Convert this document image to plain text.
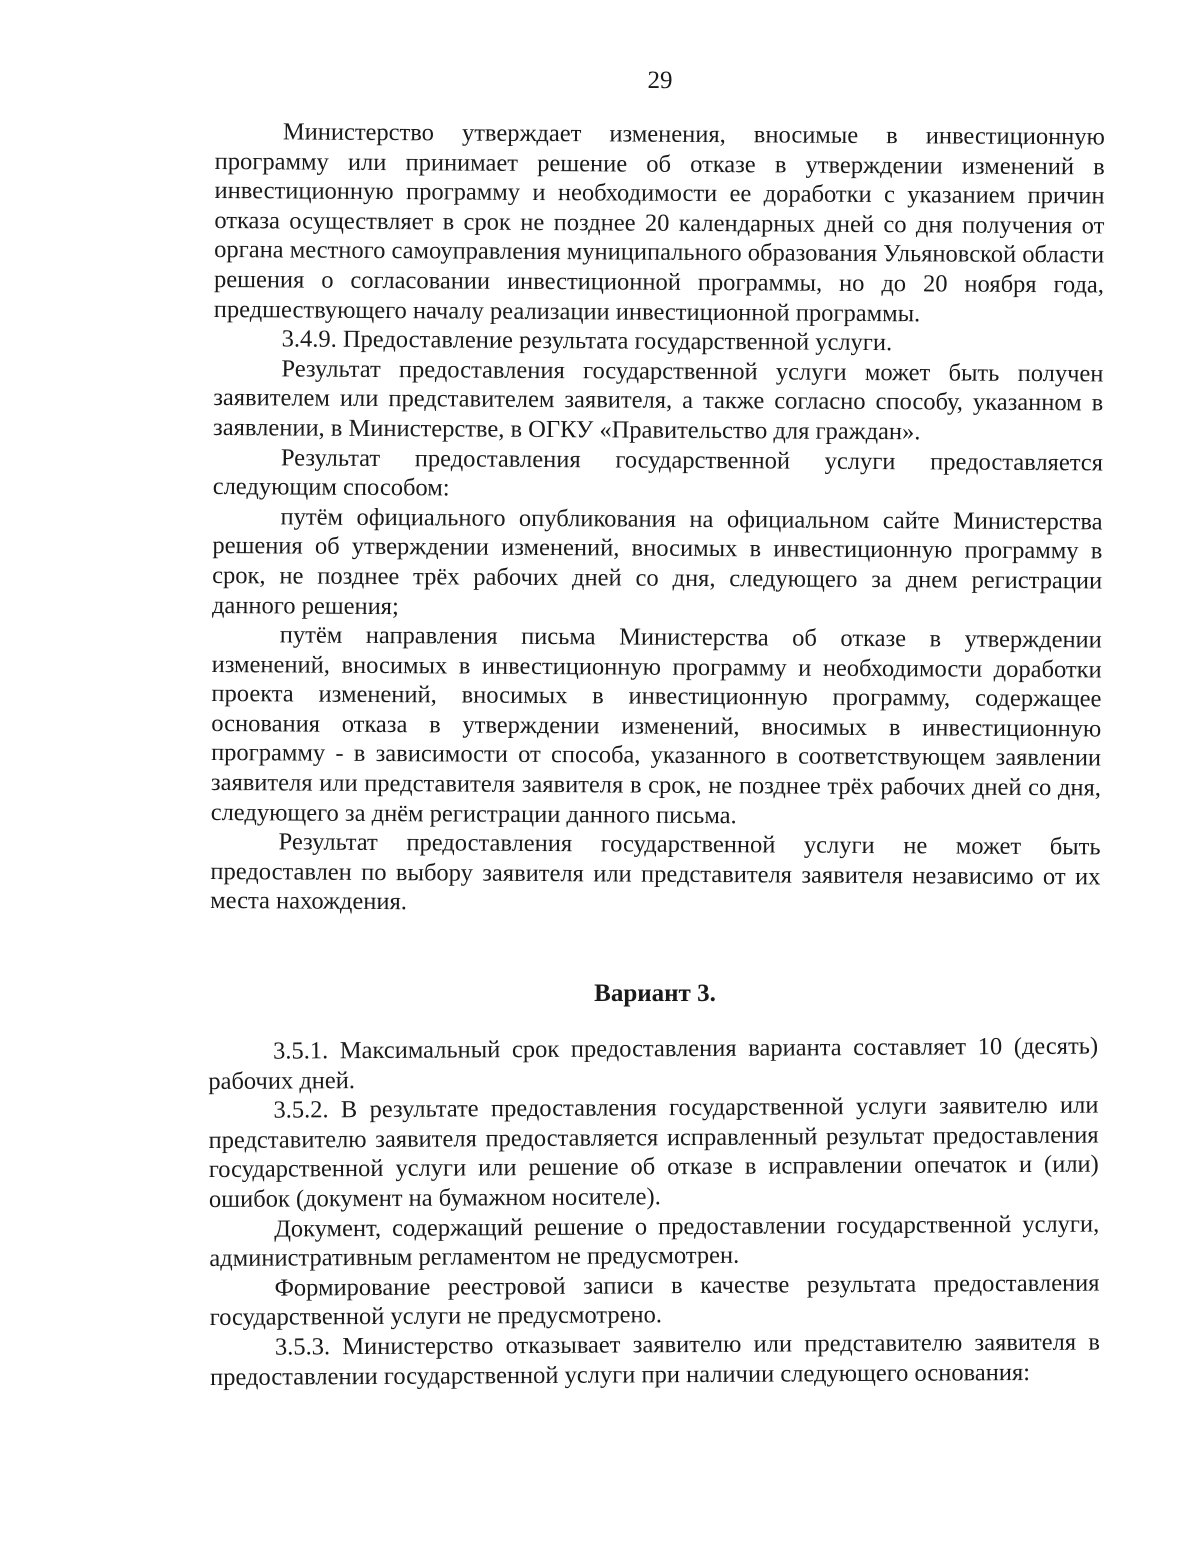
29

Министерство утверждает изменения, вносимые в инвестиционную программу или принимает решение об отказе в утверждении изменений в инвестиционную программу и необходимости ее доработки с указанием причин отказа осуществляет в срок не позднее 20 календарных дней со дня получения от органа местного самоуправления муниципального образования Ульяновской области решения о согласовании инвестиционной программы, но до 20 ноября года, предшествующего началу реализации инвестиционной программы.

3.4.9. Предоставление результата государственной услуги.

Результат предоставления государственной услуги может быть получен заявителем или представителем заявителя, а также согласно способу, указанном в заявлении, в Министерстве, в ОГКУ «Правительство для граждан».

Результат предоставления государственной услуги предоставляется следующим способом:

путём официального опубликования на официальном сайте Министерства решения об утверждении изменений, вносимых в инвестиционную программу в срок, не позднее трёх рабочих дней со дня, следующего за днем регистрации данного решения;

путём направления письма Министерства об отказе в утверждении изменений, вносимых в инвестиционную программу и необходимости доработки проекта изменений, вносимых в инвестиционную программу, содержащее основания отказа в утверждении изменений, вносимых в инвестиционную программу - в зависимости от способа, указанного в соответствующем заявлении заявителя или представителя заявителя в срок, не позднее трёх рабочих дней со дня, следующего за днём регистрации данного письма.

Результат предоставления государственной услуги не может быть предоставлен по выбору заявителя или представителя заявителя независимо от их места нахождения.

Вариант 3.

3.5.1. Максимальный срок предоставления варианта составляет 10 (десять) рабочих дней.

3.5.2. В результате предоставления государственной услуги заявителю или представителю заявителя предоставляется исправленный результат предоставления государственной услуги или решение об отказе в исправлении опечаток и (или) ошибок (документ на бумажном носителе).

Документ, содержащий решение о предоставлении государственной услуги, административным регламентом не предусмотрен.

Формирование реестровой записи в качестве результата предоставления государственной услуги не предусмотрено.

3.5.3. Министерство отказывает заявителю или представителю заявителя в предоставлении государственной услуги при наличии следующего основания:
